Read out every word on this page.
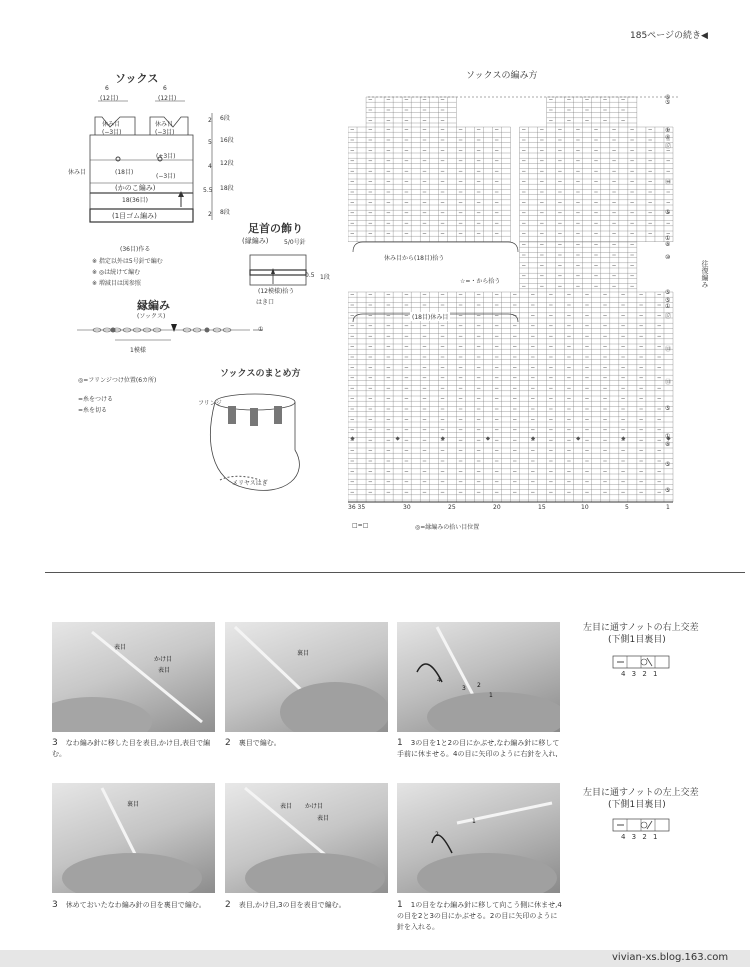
185ページの続き◀
ソックス
6
(12目)
6
(12目)
休み目
(−3目)
休み目
(−3目)
(+3目)
休み目	(18目)
(−3目)
(かのこ編み)
18(36目)
(1目ゴム編み)
2 6段
5 16段
4 12段
5.5 18段
2 8段
(36目)作る
※ 指定以外は5号針で編む
※ ◎は続けて編む
※ 増減目は図参照
縁編み
(ソックス)
①
1模様
◎=フリンジつけ位置(6カ所)
=糸をつける
=糸を切る
足首の飾り
(縁編み)	5/0号針
0.5 1段
(12模様)拾う
はき口
ソックスのまとめ方
フリンジ
メリヤスはぎ
ソックスの編み方
休み目から(18目)拾う
☆=・から拾う
(18目)休み目
往復編み
□=□	◎=縁編みの拾い目位置
左目に通すノットの右上交差
(下側1目裏目)
4 3 2 1
左目に通すノットの左上交差
(下側1目裏目)
4 3 2 1
表目
かけ目
表目
3 なわ編み針に移した目を表目,かけ目,表目で編む。
裏目
2 裏目で編む。
4
3 2
1
1 3の目を1と2の目にかぶせ,なわ編み針に移して手前に休ませる。4の目に矢印のように右針を入れ,
裏目
3 休めておいたなわ編み針の目を裏目で編む。
表目 かけ目
表目
2 表目,かけ目,3の目を表目で編む。
2
1
1 1の目をなわ編み針に移して向こう側に休ませ,4の目を2と3の目にかぶせる。2の目に矢印のように針を入れる。
vivian-xs.blog.163.com
⑥
⑤
①
④
⑰
⑬
⑤
①
⑧
⑩
⑤
⑤
①
⑰
⑬
⑬
⑤
①
⑧
⑤
⑤
36 35	30	25	20	15	10	5	1
